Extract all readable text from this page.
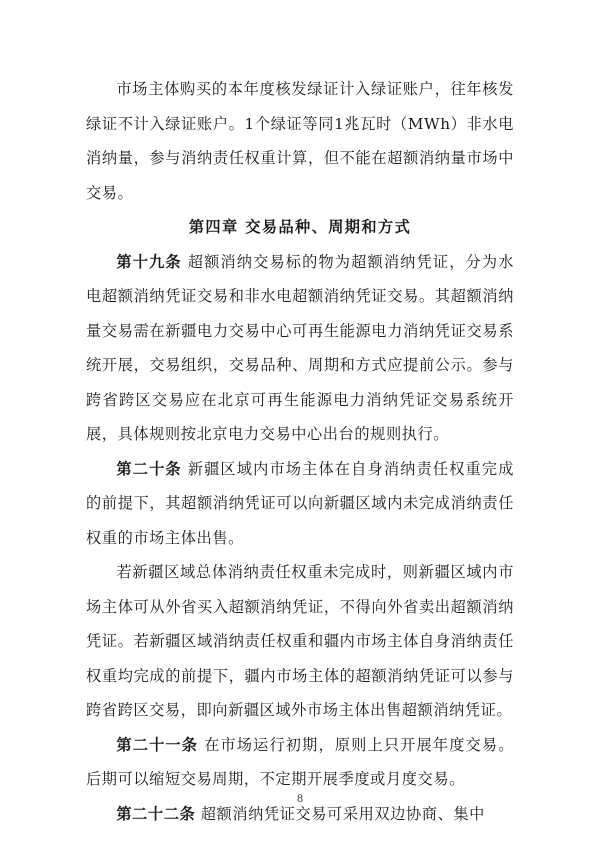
市场主体购买的本年度核发绿证计入绿证账户，往年核发绿证不计入绿证账户。1个绿证等同1兆瓦时（MWh）非水电消纳量，参与消纳责任权重计算，但不能在超额消纳量市场中交易。

第四章 交易品种、周期和方式

第十九条 超额消纳交易标的物为超额消纳凭证，分为水电超额消纳凭证交易和非水电超额消纳凭证交易。其超额消纳量交易需在新疆电力交易中心可再生能源电力消纳凭证交易系统开展，交易组织，交易品种、周期和方式应提前公示。参与跨省跨区交易应在北京可再生能源电力消纳凭证交易系统开展，具体规则按北京电力交易中心出台的规则执行。

第二十条 新疆区域内市场主体在自身消纳责任权重完成的前提下，其超额消纳凭证可以向新疆区域内未完成消纳责任权重的市场主体出售。

若新疆区域总体消纳责任权重未完成时，则新疆区域内市场主体可从外省买入超额消纳凭证，不得向外省卖出超额消纳凭证。若新疆区域消纳责任权重和疆内市场主体自身消纳责任权重均完成的前提下，疆内市场主体的超额消纳凭证可以参与跨省跨区交易，即向新疆区域外市场主体出售超额消纳凭证。

第二十一条 在市场运行初期，原则上只开展年度交易。后期可以缩短交易周期，不定期开展季度或月度交易。

第二十二条 超额消纳凭证交易可采用双边协商、集中

8
